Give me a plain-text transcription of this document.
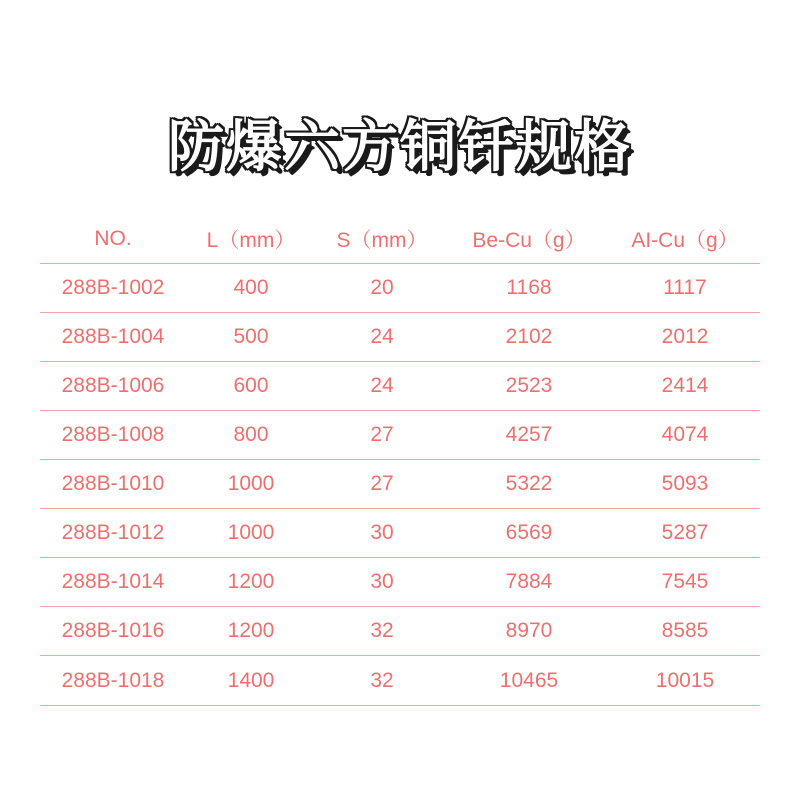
防爆六方铜钎规格
NO.	L（mm）	S（mm）	Be-Cu（g）	AI-Cu（g）
288B-1002	400	20	1168	1117
288B-1004	500	24	2102	2012
288B-1006	600	24	2523	2414
288B-1008	800	27	4257	4074
288B-1010	1000	27	5322	5093
288B-1012	1000	30	6569	5287
288B-1014	1200	30	7884	7545
288B-1016	1200	32	8970	8585
288B-1018	1400	32	10465	10015
